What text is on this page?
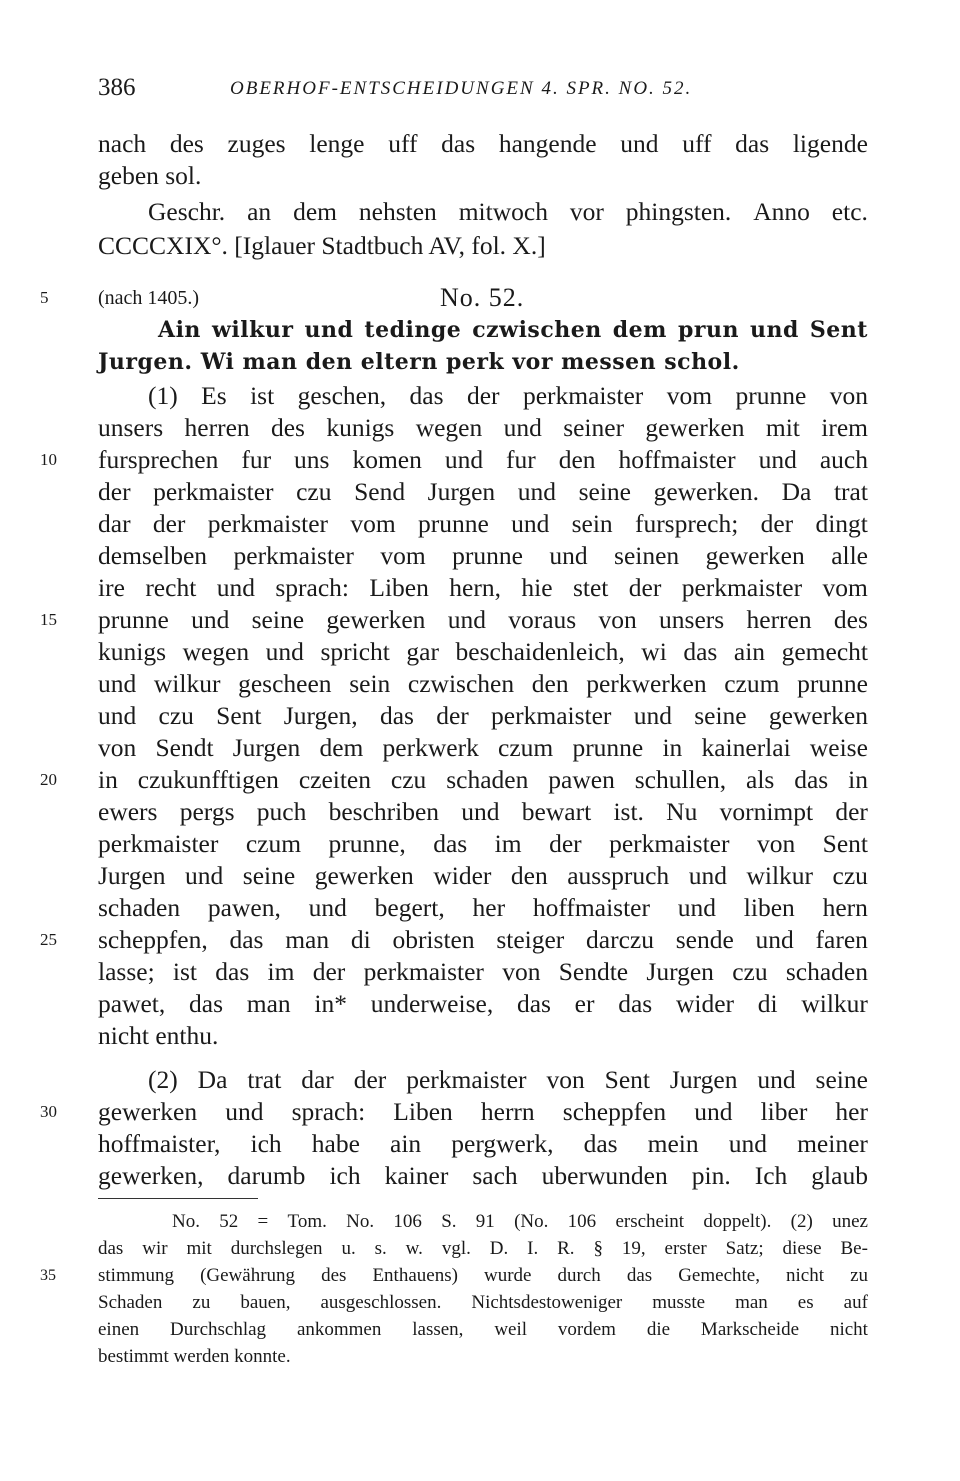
386	OBERHOF-ENTSCHEIDUNGEN 4. SPR. NO. 52.
nach des zuges lenge uff das hangende und uff das ligende
geben sol.
Geschr. an dem nehsten mitwoch vor phingsten. Anno etc.
CCCCXIX°. [Iglauer Stadtbuch AV, fol. X.]
5 (nach 1405.)	No. 52.
Ain wilkur und tedinge czwischen dem prun und Sent
Jurgen. Wi man den eltern perk vor messen schol.
(1) Es ist geschen, das der perkmaister vom prunne von
unsers herren des kunigs wegen und seiner gewerken mit irem
fursprechen fur uns komen und fur den hoffmaister und auch
der perkmaister czu Send Jurgen und seine gewerken. Da trat
dar der perkmaister vom prunne und sein fursprech; der dingt
demselben perkmaister vom prunne und seinen gewerken alle
ire recht und sprach: Liben hern, hie stet der perkmaister vom
prunne und seine gewerken und voraus von unsers herren des
kunigs wegen und spricht gar beschaidenleich, wi das ain gemecht
und wilkur gescheen sein czwischen den perkwerken czum prunne
und czu Sent Jurgen, das der perkmaister und seine gewerken
von Sendt Jurgen dem perkwerk czum prunne in kainerlai weise
in czukunfftigen czeiten czu schaden pawen schullen, als das in
ewers pergs puch beschriben und bewart ist. Nu vornimpt der
perkmaister czum prunne, das im der perkmaister von Sent
Jurgen und seine gewerken wider den ausspruch und wilkur czu
schaden pawen, und begert, her hoffmaister und liben hern
scheppfen, das man di obristen steiger darczu sende und faren
lasse; ist das im der perkmaister von Sendte Jurgen czu schaden
pawet, das man in* underweise, das er das wider di wilkur
nicht enthu.
(2) Da trat dar der perkmaister von Sent Jurgen und seine
gewerken und sprach: Liben herrn scheppfen und liber her
hoffmaister, ich habe ain pergwerk, das mein und meiner
gewerken, darumb ich kainer sach uberwunden pin. Ich glaub
10
15
20
25
30
No. 52 = Tom. No. 106 S. 91 (No. 106 erscheint doppelt). (2) unez
das wir mit durchslegen u. s. w. vgl. D. I. R. § 19, erster Satz; diese Be-
stimmung (Gewährung des Enthauens) wurde durch das Gemechte, nicht zu
Schaden zu bauen, ausgeschlossen. Nichtsdestoweniger musste man es auf
einen Durchschlag ankommen lassen, weil vordem die Markscheide nicht
bestimmt werden konnte.
35
